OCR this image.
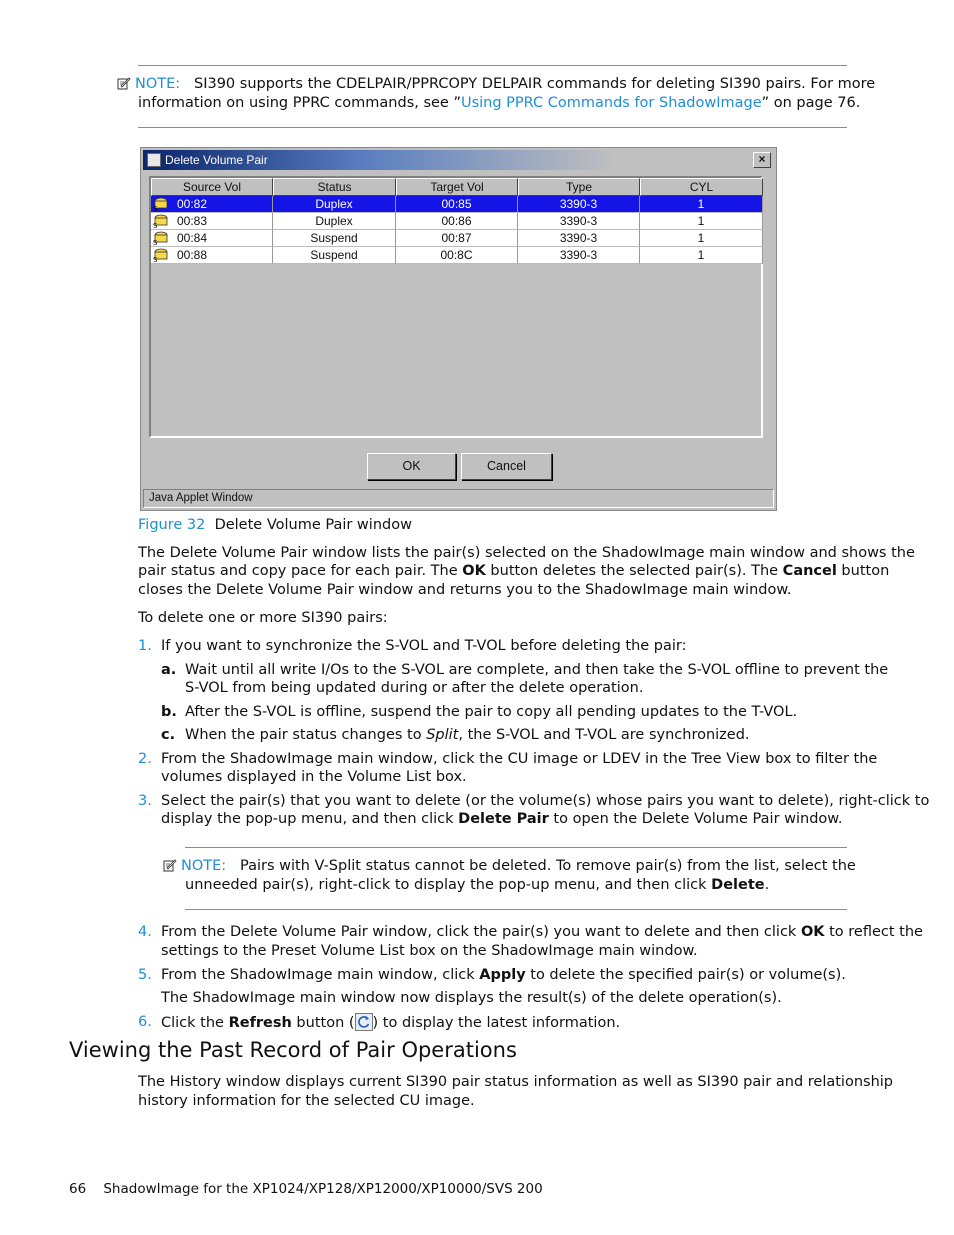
NOTE: SI390 supports the CDELPAIR/PPRCOPY DELPAIR commands for deleting SI390 pairs. For more
information on using PPRC commands, see ”Using PPRC Commands for ShadowImage” on page 76.
Delete Volume Pair	×
Source Vol	Status	Target Vol	Type	CYL
S 00:82	Duplex	00:85	3390-3	1
S 00:83	Duplex	00:86	3390-3	1
S 00:84	Suspend	00:87	3390-3	1
S 00:88	Suspend	00:8C	3390-3	1
OK	Cancel
Java Applet Window
Figure 32 Delete Volume Pair window
The Delete Volume Pair window lists the pair(s) selected on the ShadowImage main window and shows the
pair status and copy pace for each pair. The OK button deletes the selected pair(s). The Cancel button
closes the Delete Volume Pair window and returns you to the ShadowImage main window.
To delete one or more SI390 pairs:
1. If you want to synchronize the S-VOL and T-VOL before deleting the pair:
a. Wait until all write I/Os to the S-VOL are complete, and then take the S-VOL offline to prevent the
S-VOL from being updated during or after the delete operation.
b. After the S-VOL is offline, suspend the pair to copy all pending updates to the T-VOL.
c. When the pair status changes to Split, the S-VOL and T-VOL are synchronized.
2. From the ShadowImage main window, click the CU image or LDEV in the Tree View box to filter the
volumes displayed in the Volume List box.
3. Select the pair(s) that you want to delete (or the volume(s) whose pairs you want to delete), right-click to
display the pop-up menu, and then click Delete Pair to open the Delete Volume Pair window.
NOTE: Pairs with V-Split status cannot be deleted. To remove pair(s) from the list, select the
unneeded pair(s), right-click to display the pop-up menu, and then click Delete.
4. From the Delete Volume Pair window, click the pair(s) you want to delete and then click OK to reflect the
settings to the Preset Volume List box on the ShadowImage main window.
5. From the ShadowImage main window, click Apply to delete the specified pair(s) or volume(s).
The ShadowImage main window now displays the result(s) of the delete operation(s).
6. Click the Refresh button ( ) to display the latest information.
Viewing the Past Record of Pair Operations
The History window displays current SI390 pair status information as well as SI390 pair and relationship
history information for the selected CU image.
66 ShadowImage for the XP1024/XP128/XP12000/XP10000/SVS 200
